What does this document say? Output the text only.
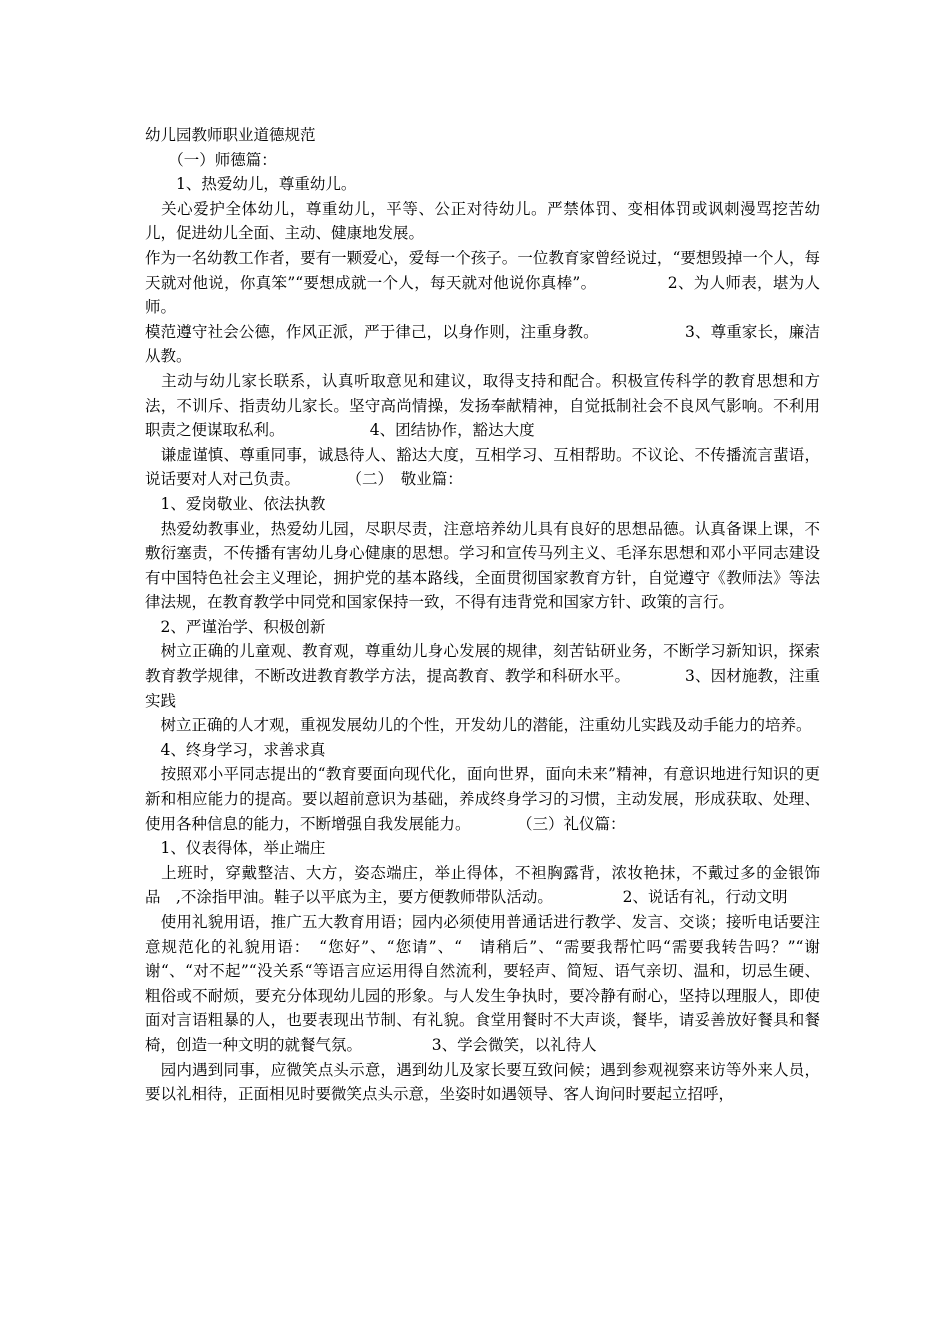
幼儿园教师职业道德规范

　　（一）师德篇：

　　1、热爱幼儿，尊重幼儿。

　关心爱护全体幼儿，尊重幼儿，平等、公正对待幼儿。严禁体罚、变相体罚或讽刺漫骂挖苦幼儿，促进幼儿全面、主动、健康地发展。

作为一名幼教工作者，要有一颗爱心，爱每一个孩子。一位教育家曾经说过，“要想毁掉一个人，每天就对他说，你真笨”“要想成就一个人，每天就对他说你真棒”。　　　　　2、为人师表，堪为人师。

模范遵守社会公德，作风正派，严于律己，以身作则，注重身教。　　　　　　3、尊重家长，廉洁从教。

　主动与幼儿家长联系，认真听取意见和建议，取得支持和配合。积极宣传科学的教育思想和方法，不训斥、指责幼儿家长。坚守高尚情操，发扬奉献精神，自觉抵制社会不良风气影响。不利用职责之便谋取私利。　　　　　　4、团结协作，豁达大度

　谦虚谨慎、尊重同事，诚恳待人、豁达大度，互相学习、互相帮助。不议论、不传播流言蜚语，说话要对人对己负责。　　　　（二）　敬业篇：

　1、爱岗敬业、依法执教

　热爱幼教事业，热爱幼儿园，尽职尽责，注意培养幼儿具有良好的思想品德。认真备课上课，不敷衍塞责，不传播有害幼儿身心健康的思想。学习和宣传马列主义、毛泽东思想和邓小平同志建设有中国特色社会主义理论，拥护党的基本路线，全面贯彻国家教育方针，自觉遵守《教师法》等法律法规，在教育教学中同党和国家保持一致，不得有违背党和国家方针、政策的言行。

　2、严谨治学、积极创新

　树立正确的儿童观、教育观，尊重幼儿身心发展的规律，刻苦钻研业务，不断学习新知识，探索教育教学规律，不断改进教育教学方法，提高教育、教学和科研水平。　　　　3、因材施教，注重实践

　树立正确的人才观，重视发展幼儿的个性，开发幼儿的潜能，注重幼儿实践及动手能力的培养。

　4、终身学习，求善求真

　按照邓小平同志提出的“教育要面向现代化，面向世界，面向未来”精神，有意识地进行知识的更新和相应能力的提高。要以超前意识为基础，养成终身学习的习惯，主动发展，形成获取、处理、使用各种信息的能力，不断增强自我发展能力。　　　　（三）礼仪篇：

　1、仪表得体，举止端庄

　上班时，穿戴整洁、大方，姿态端庄，举止得体，不袒胸露背，浓妆艳抹，不戴过多的金银饰品　,不涂指甲油。鞋子以平底为主，要方便教师带队活动。　　　　　2、说话有礼，行动文明

　使用礼貌用语，推广五大教育用语；园内必须使用普通话进行教学、发言、交谈；接听电话要注意规范化的礼貌用语：　“您好”、“您请”、“　请稍后”、“需要我帮忙吗“需要我转告吗？”“谢谢“、“对不起”“没关系“等语言应运用得自然流利，要轻声、简短、语气亲切、温和，切忌生硬、粗俗或不耐烦，要充分体现幼儿园的形象。与人发生争执时，要冷静有耐心，坚持以理服人，即使面对言语粗暴的人，也要表现出节制、有礼貌。食堂用餐时不大声谈，餐毕，请妥善放好餐具和餐椅，创造一种文明的就餐气氛。　　　　　3、学会微笑，以礼待人

　园内遇到同事，应微笑点头示意，遇到幼儿及家长要互致问候；遇到参观视察来访等外来人员，要以礼相待，正面相见时要微笑点头示意，坐姿时如遇领导、客人询问时要起立招呼，
